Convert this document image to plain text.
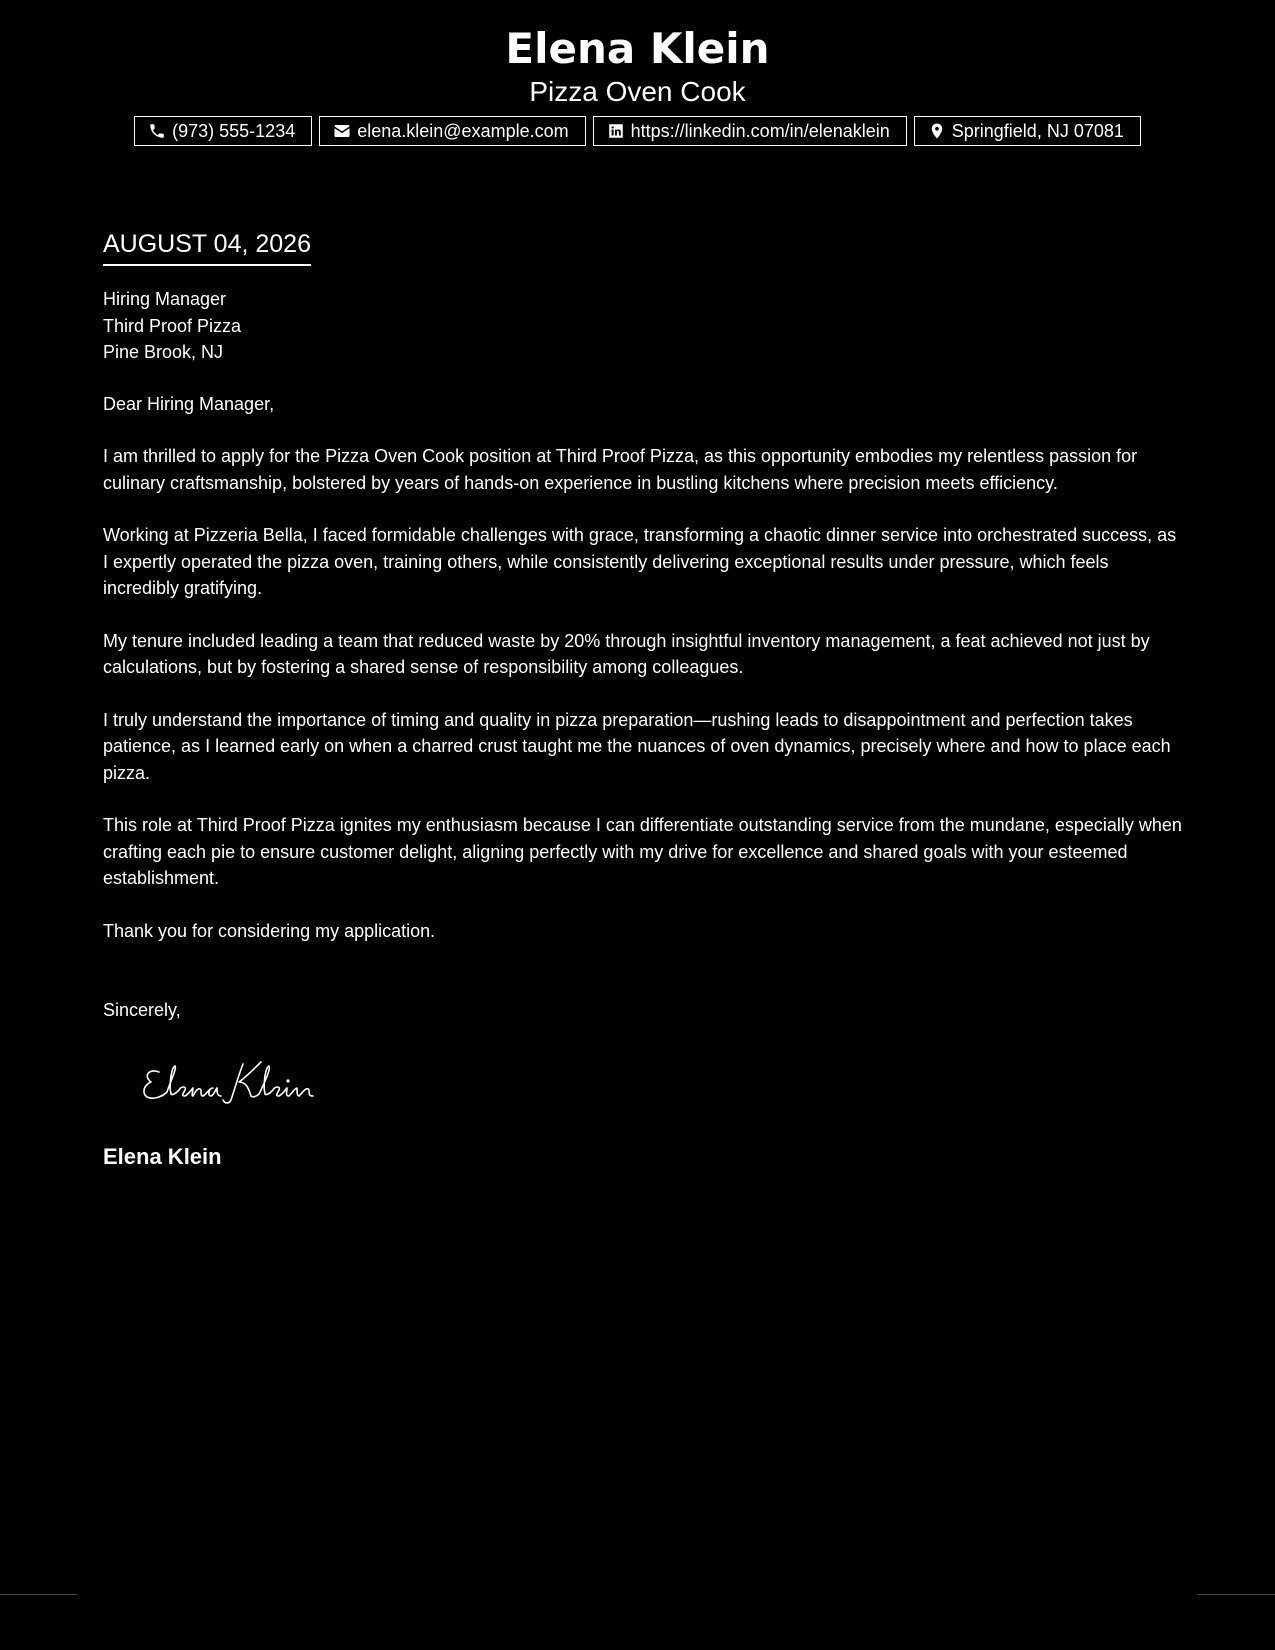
Elena Klein
Pizza Oven Cook
(973) 555-1234	elena.klein@example.com	https://linkedin.com/in/elenaklein	Springfield, NJ 07081
AUGUST 04, 2026
Hiring Manager
Third Proof Pizza
Pine Brook, NJ
Dear Hiring Manager,
I am thrilled to apply for the Pizza Oven Cook position at Third Proof Pizza, as this opportunity embodies my relentless passion for culinary craftsmanship, bolstered by years of hands-on experience in bustling kitchens where precision meets efficiency.
Working at Pizzeria Bella, I faced formidable challenges with grace, transforming a chaotic dinner service into orchestrated success, as I expertly operated the pizza oven, training others, while consistently delivering exceptional results under pressure, which feels incredibly gratifying.
My tenure included leading a team that reduced waste by 20% through insightful inventory management, a feat achieved not just by calculations, but by fostering a shared sense of responsibility among colleagues.
I truly understand the importance of timing and quality in pizza preparation—rushing leads to disappointment and perfection takes patience, as I learned early on when a charred crust taught me the nuances of oven dynamics, precisely where and how to place each pizza.
This role at Third Proof Pizza ignites my enthusiasm because I can differentiate outstanding service from the mundane, especially when crafting each pie to ensure customer delight, aligning perfectly with my drive for excellence and shared goals with your esteemed establishment.
Thank you for considering my application.
Sincerely,
Elena Klein
